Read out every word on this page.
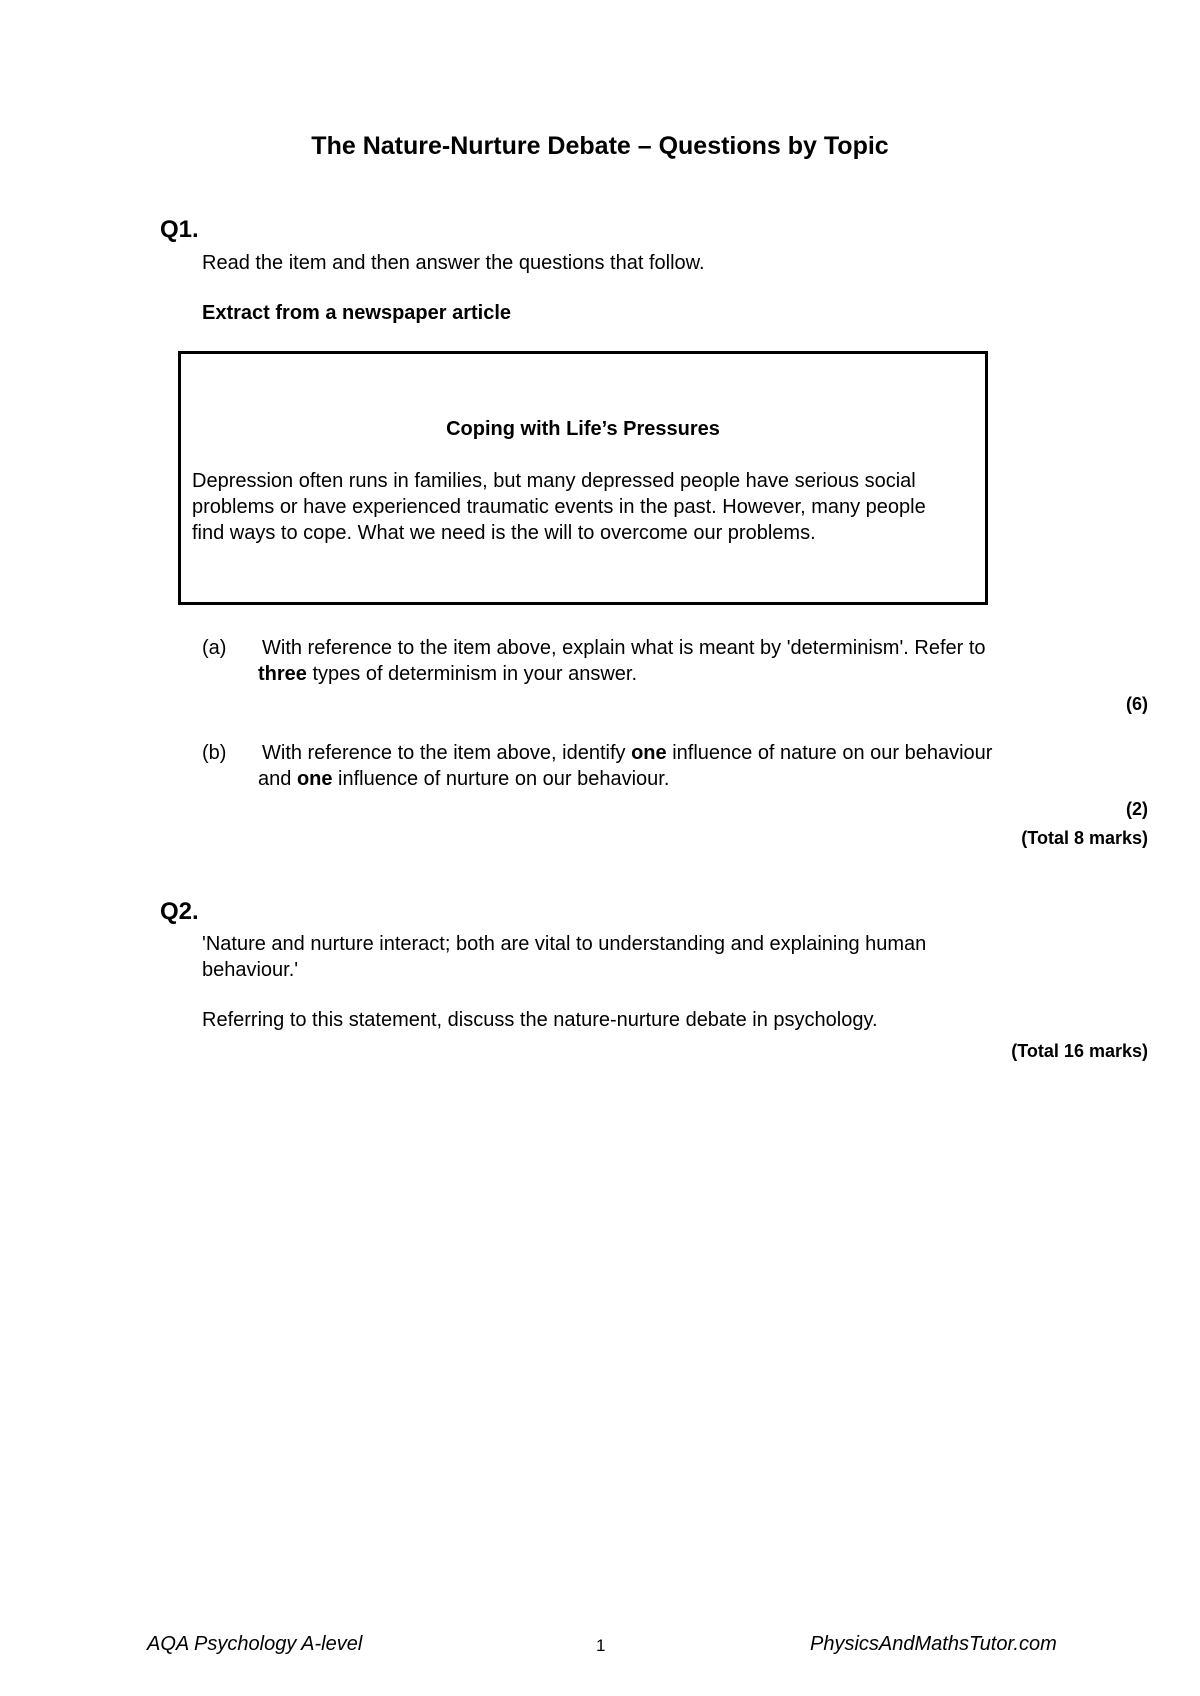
The Nature-Nurture Debate – Questions by Topic
Q1.
Read the item and then answer the questions that follow.
Extract from a newspaper article
Coping with Life’s Pressures
Depression often runs in families, but many depressed people have serious social problems or have experienced traumatic events in the past. However, many people find ways to cope. What we need is the will to overcome our problems.
(a) With reference to the item above, explain what is meant by 'determinism'. Refer to
three types of determinism in your answer.
(6)
(b) With reference to the item above, identify one influence of nature on our behaviour
and one influence of nurture on our behaviour.
(2)
(Total 8 marks)
Q2.
'Nature and nurture interact; both are vital to understanding and explaining human
behaviour.'
Referring to this statement, discuss the nature-nurture debate in psychology.
(Total 16 marks)
AQA Psychology A-level	1	PhysicsAndMathsTutor.com
